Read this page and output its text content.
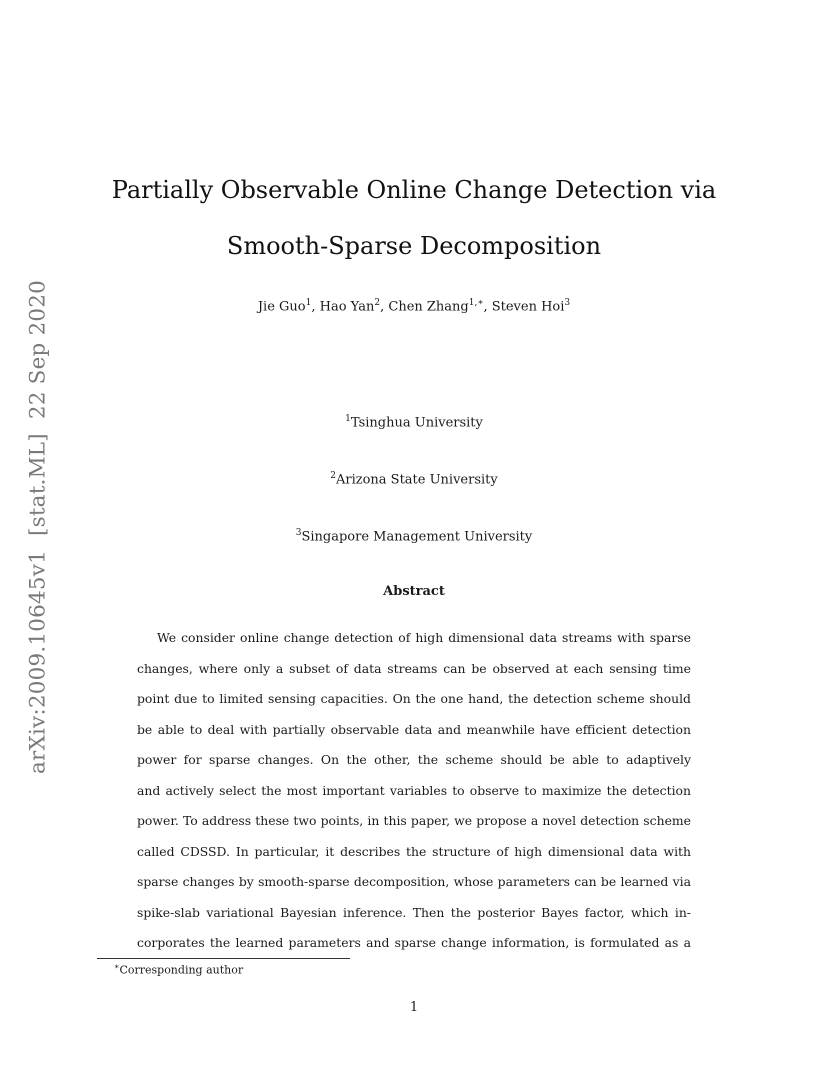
arXiv:2009.10645v1[stat.ML]22 Sep 2020
Partially Observable Online Change Detection via
Smooth-Sparse Decomposition
Jie Guo$^1$, Hao Yan$^2$, Chen Zhang$^{1,∗}$, Steven Hoi$^3$
$^1$Tsinghua University
$^2$Arizona State University
$^3$Singapore Management University
Abstract
We consider online change detection of high dimensional data streams with sparse
changes, where only a subset of data streams can be observed at each sensing time
point due to limited sensing capacities. On the one hand, the detection scheme should
be able to deal with partially observable data and meanwhile have efficient detection
power for sparse changes. On the other, the scheme should be able to adaptively
and actively select the most important variables to observe to maximize the detection
power. To address these two points, in this paper, we propose a novel detection scheme
called CDSSD. In particular, it describes the structure of high dimensional data with
sparse changes by smooth-sparse decomposition, whose parameters can be learned via
spike-slab variational Bayesian inference. Then the posterior Bayes factor, which in-
corporates the learned parameters and sparse change information, is formulated as a
∗Corresponding author
1
